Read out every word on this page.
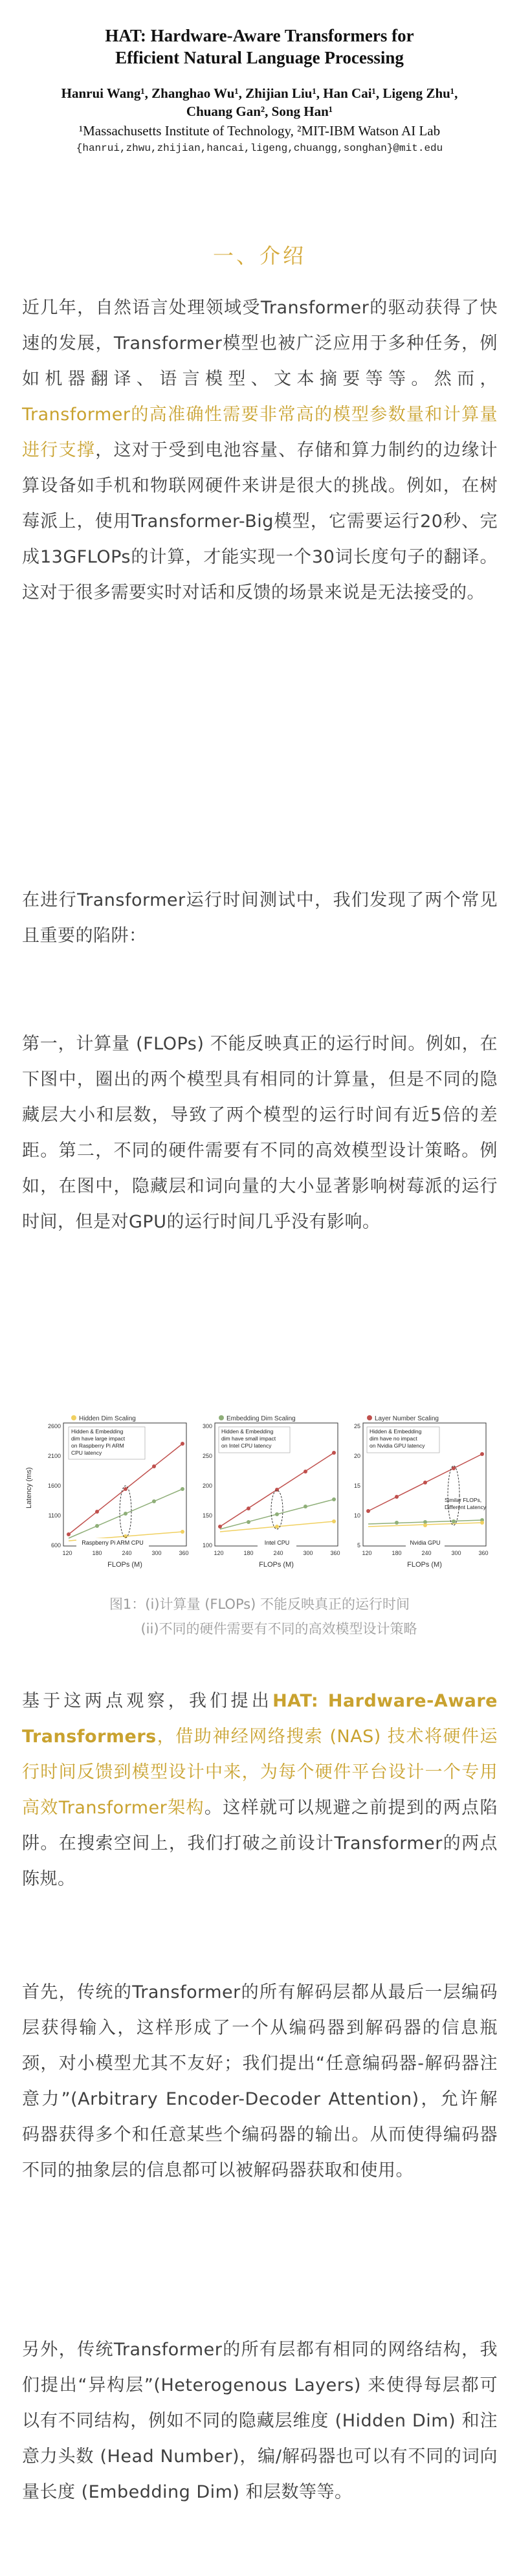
HAT: Hardware-Aware Transformers for
Efficient Natural Language Processing
Hanrui Wang¹, Zhanghao Wu¹, Zhijian Liu¹, Han Cai¹, Ligeng Zhu¹,
Chuang Gan², Song Han¹
¹Massachusetts Institute of Technology, ²MIT-IBM Watson AI Lab
{hanrui,zhwu,zhijian,hancai,ligeng,chuangg,songhan}@mit.edu
一、介绍
近几年，自然语言处理领域受Transformer的驱动获得了快速的发展，Transformer模型也被广泛应用于多种任务，例如机器翻译、语言模型、文本摘要等等。然而，Transformer的高准确性需要非常高的模型参数量和计算量进行支撑，这对于受到电池容量、存储和算力制约的边缘计算设备如手机和物联网硬件来讲是很大的挑战。例如，在树莓派上，使用Transformer-Big模型，它需要运行20秒、完成13GFLOPs的计算，才能实现一个30词长度句子的翻译。这对于很多需要实时对话和反馈的场景来说是无法接受的。
在进行Transformer运行时间测试中，我们发现了两个常见且重要的陷阱：
第一，计算量 (FLOPs) 不能反映真正的运行时间。例如，在下图中，圈出的两个模型具有相同的计算量，但是不同的隐藏层大小和层数，导致了两个模型的运行时间有近5倍的差距。第二，不同的硬件需要有不同的高效模型设计策略。例如，在图中，隐藏层和词向量的大小显著影响树莓派的运行时间，但是对GPU的运行时间几乎没有影响。
Latency (ms)
Hidden Dim Scaling
2600
2100
1600
1100
600
120	180	240	300	360
Hidden & Embedding
dim have large impact
on Raspberry Pi ARM
CPU latency
Raspberry Pi ARM CPU
FLOPs (M)
Embedding Dim Scaling
300
250
200
150
100
120	180	240	300	360
Hidden & Embedding
dim have small impact
on Intel CPU latency
Intel CPU
FLOPs (M)
Layer Number Scaling
25
20
15
10
5
120	180	240	300	360
Hidden & Embedding
dim have no impact
on Nvidia GPU latency
Similar FLOPs,
Different Latency
Nvidia GPU
FLOPs (M)
图1：(i)计算量 (FLOPs) 不能反映真正的运行时间
(ii)不同的硬件需要有不同的高效模型设计策略
基于这两点观察，我们提出HAT: Hardware-Aware Transformers，借助神经网络搜索 (NAS) 技术将硬件运行时间反馈到模型设计中来，为每个硬件平台设计一个专用高效Transformer架构。这样就可以规避之前提到的两点陷阱。在搜索空间上，我们打破之前设计Transformer的两点陈规。
首先，传统的Transformer的所有解码层都从最后一层编码层获得输入，这样形成了一个从编码器到解码器的信息瓶颈，对小模型尤其不友好；我们提出“任意编码器-解码器注意力”(Arbitrary Encoder-Decoder Attention)，允许解码器获得多个和任意某些个编码器的输出。从而使得编码器不同的抽象层的信息都可以被解码器获取和使用。
另外，传统Transformer的所有层都有相同的网络结构，我们提出“异构层”(Heterogenous Layers) 来使得每层都可以有不同结构，例如不同的隐藏层维度 (Hidden Dim) 和注意力头数 (Head Number)，编/解码器也可以有不同的词向量长度 (Embedding Dim) 和层数等等。
